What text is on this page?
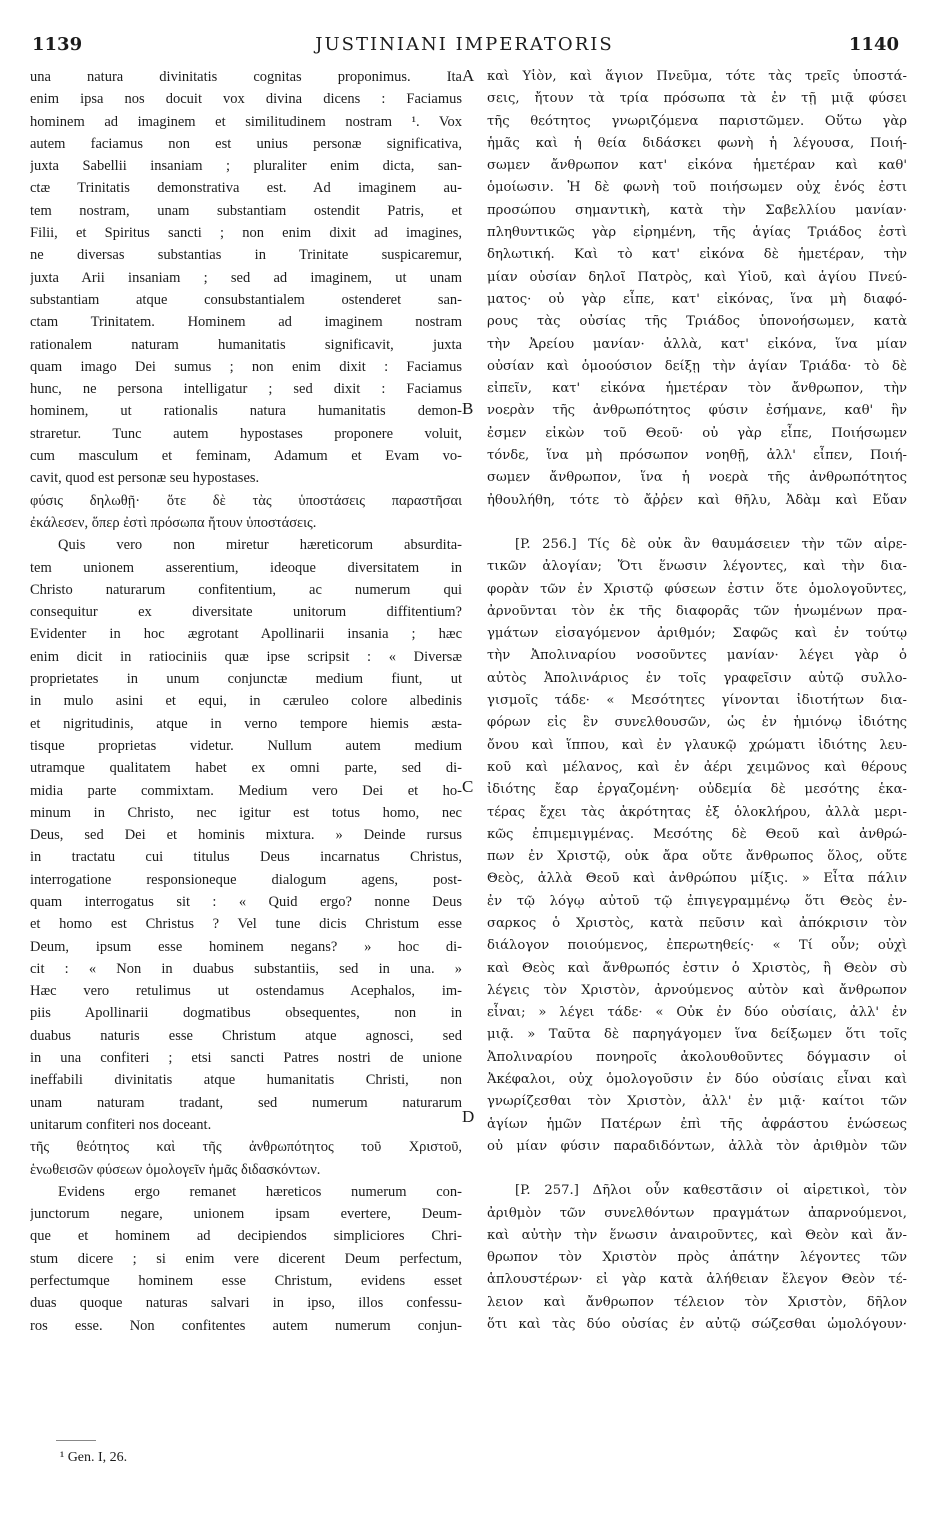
1139	JUSTINIANI IMPERATORIS	1140
una natura divinitatis cognitas proponimus. Ita
enim ipsa nos docuit vox divina dicens : Faciamus
hominem ad imaginem et similitudinem nostram ¹. Vox
autem faciamus non est unius personæ significativa,
juxta Sabellii insaniam ; pluraliter enim dicta, san-
ctæ Trinitatis demonstrativa est. Ad imaginem au-
tem nostram, unam substantiam ostendit Patris, et
Filii, et Spiritus sancti ; non enim dixit ad imagines,
ne diversas substantias in Trinitate suspicaremur,
juxta Arii insaniam ; sed ad imaginem, ut unam
substantiam atque consubstantialem ostenderet san-
ctam Trinitatem. Hominem ad imaginem nostram
rationalem naturam humanitatis significavit, juxta
quam imago Dei sumus ; non enim dixit : Faciamus
hunc, ne persona intelligatur ; sed dixit : Faciamus
hominem, ut rationalis natura humanitatis demon-
straretur. Tunc autem hypostases proponere voluit,
cum masculum et feminam, Adamum et Evam vo-
cavit, quod est personæ seu hypostases.
φύσις δηλωθῇ· ὅτε δὲ τὰς ὑποστάσεις παραστῆσαι
ἐκάλεσεν, ὅπερ ἐστὶ πρόσωπα ἤτουν ὑποστάσεις.
Quis vero non miretur hæreticorum absurdita-
tem unionem asserentium, ideoque diversitatem in
Christo naturarum confitentium, ac numerum qui
consequitur ex diversitate unitorum diffitentium?
Evidenter in hoc ægrotant Apollinarii insania ; hæc
enim dicit in ratiociniis quæ ipse scripsit : « Diversæ
proprietates in unum conjunctæ medium fiunt, ut
in mulo asini et equi, in cæruleo colore albedinis
et nigritudinis, atque in verno tempore hiemis æsta-
tisque proprietas videtur. Nullum autem medium
utramque qualitatem habet ex omni parte, sed di-
midia parte commixtam. Medium vero Dei et ho-
minum in Christo, nec igitur est totus homo, nec
Deus, sed Dei et hominis mixtura. » Deinde rursus
in tractatu cui titulus Deus incarnatus Christus,
interrogatione responsioneque dialogum agens, post-
quam interrogatus sit : « Quid ergo? nonne Deus
et homo est Christus ? Vel tune dicis Christum esse
Deum, ipsum esse hominem negans? » hoc di-
cit : « Non in duabus substantiis, sed in una. »
Hæc vero retulimus ut ostendamus Acephalos, im-
piis Apollinarii dogmatibus obsequentes, non in
duabus naturis esse Christum atque agnosci, sed
in una confiteri ; etsi sancti Patres nostri de unione
ineffabili divinitatis atque humanitatis Christi, non
unam naturam tradant, sed numerum naturarum
unitarum confiteri nos doceant.
τῆς θεότητος καὶ τῆς ἀνθρωπότητος τοῦ Χριστοῦ,
ἑνωθεισῶν φύσεων ὁμολογεῖν ἡμᾶς διδασκόντων.
Evidens ergo remanet hæreticos numerum con-
junctorum negare, unionem ipsam evertere, Deum-
que et hominem ad decipiendos simpliciores Chri-
stum dicere ; si enim vere dicerent Deum perfectum,
perfectumque hominem esse Christum, evidens esset
duas quoque naturas salvari in ipso, illos confessu-
ros esse. Non confitentes autem numerum conjun-
καὶ Υἱὸν, καὶ ἅγιον Πνεῦμα, τότε τὰς τρεῖς ὑποστά-
σεις, ἤτουν τὰ τρία πρόσωπα τὰ ἐν τῇ μιᾷ φύσει
τῆς θεότητος γνωριζόμενα παριστῶμεν. Οὕτω γὰρ
ἡμᾶς καὶ ἡ θεία διδάσκει φωνὴ ἡ λέγουσα, Ποιή-
σωμεν ἄνθρωπον κατ' εἰκόνα ἡμετέραν καὶ καθ'
ὁμοίωσιν. Ἡ δὲ φωνὴ τοῦ ποιήσωμεν οὐχ ἑνός ἐστι
προσώπου σημαντικὴ, κατὰ τὴν Σαβελλίου μανίαν·
πληθυντικῶς γὰρ εἰρημένη, τῆς ἁγίας Τριάδος ἐστὶ
δηλωτική. Καὶ τὸ κατ' εἰκόνα δὲ ἡμετέραν, τὴν
μίαν οὐσίαν δηλοῖ Πατρὸς, καὶ Υἱοῦ, καὶ ἁγίου Πνεύ-
ματος· οὐ γὰρ εἶπε, κατ' εἰκόνας, ἵνα μὴ διαφό-
ρους τὰς οὐσίας τῆς Τριάδος ὑπονοήσωμεν, κατὰ
τὴν Ἀρείου μανίαν· ἀλλὰ, κατ' εἰκόνα, ἵνα μίαν
οὐσίαν καὶ ὁμοούσιον δείξῃ τὴν ἁγίαν Τριάδα· τὸ δὲ
εἰπεῖν, κατ' εἰκόνα ἡμετέραν τὸν ἄνθρωπον, τὴν
νοερὰν τῆς ἀνθρωπότητος φύσιν ἐσήμανε, καθ' ἣν
ἐσμεν εἰκὼν τοῦ Θεοῦ· οὐ γὰρ εἶπε, Ποιήσωμεν
τόνδε, ἵνα μὴ πρόσωπον νοηθῇ, ἀλλ' εἶπεν, Ποιή-
σωμεν ἄνθρωπον, ἵνα ἡ νοερὰ τῆς ἀνθρωπότητος
ἠθουλήθη, τότε τὸ ἄῤῥεν καὶ θῆλυ, Ἀδὰμ καὶ Εὔαν
[P. 256.] Τίς δὲ οὐκ ἂν θαυμάσειεν τὴν τῶν αἱρε-
τικῶν ἀλογίαν; Ὅτι ἕνωσιν λέγοντες, καὶ τὴν δια-
φορὰν τῶν ἐν Χριστῷ φύσεων ἐστιν ὅτε ὁμολογοῦντες,
ἀρνοῦνται τὸν ἐκ τῆς διαφορᾶς τῶν ἡνωμένων πρα-
γμάτων εἰσαγόμενον ἀριθμόν; Σαφῶς καὶ ἐν τούτῳ
τὴν Ἀπολιναρίου νοσοῦντες μανίαν· λέγει γὰρ ὁ
αὐτὸς Ἀπολινάριος ἐν τοῖς γραφεῖσιν αὐτῷ συλλο-
γισμοῖς τάδε· « Μεσότητες γίνονται ἰδιοτήτων δια-
φόρων εἰς ἓν συνελθουσῶν, ὡς ἐν ἡμιόνῳ ἰδιότης
ὄνου καὶ ἵππου, καὶ ἐν γλαυκῷ χρώματι ἰδιότης λευ-
κοῦ καὶ μέλανος, καὶ ἐν ἀέρι χειμῶνος καὶ θέρους
ἰδιότης ἔαρ ἐργαζομένη· οὐδεμία δὲ μεσότης ἑκα-
τέρας ἔχει τὰς ἀκρότητας ἐξ ὁλοκλήρου, ἀλλὰ μερι-
κῶς ἐπιμεμιγμένας. Μεσότης δὲ Θεοῦ καὶ ἀνθρώ-
πων ἐν Χριστῷ, οὐκ ἄρα οὔτε ἄνθρωπος ὅλος, οὔτε
Θεὸς, ἀλλὰ Θεοῦ καὶ ἀνθρώπου μίξις. » Εἶτα πάλιν
ἐν τῷ λόγῳ αὐτοῦ τῷ ἐπιγεγραμμένῳ ὅτι Θεὸς ἐν-
σαρκος ὁ Χριστὸς, κατὰ πεῦσιν καὶ ἀπόκρισιν τὸν
διάλογον ποιούμενος, ἐπερωτηθείς· « Τί οὖν; οὐχὶ
καὶ Θεὸς καὶ ἄνθρωπός ἐστιν ὁ Χριστὸς, ἢ Θεὸν σὺ
λέγεις τὸν Χριστὸν, ἀρνούμενος αὐτὸν καὶ ἄνθρωπον
εἶναι; » λέγει τάδε· « Οὐκ ἐν δύο οὐσίαις, ἀλλ' ἐν
μιᾷ. » Ταῦτα δὲ παρηγάγομεν ἵνα δείξωμεν ὅτι τοῖς
Ἀπολιναρίου πονηροῖς ἀκολουθοῦντες δόγμασιν οἱ
Ἀκέφαλοι, οὐχ ὁμολογοῦσιν ἐν δύο οὐσίαις εἶναι καὶ
γνωρίζεσθαι τὸν Χριστὸν, ἀλλ' ἐν μιᾷ· καίτοι τῶν
ἁγίων ἡμῶν Πατέρων ἐπὶ τῆς ἀφράστου ἑνώσεως
οὐ μίαν φύσιν παραδιδόντων, ἀλλὰ τὸν ἀριθμὸν τῶν
[P. 257.] Δῆλοι οὖν καθεστᾶσιν οἱ αἱρετικοὶ, τὸν
ἀριθμὸν τῶν συνελθόντων πραγμάτων ἀπαρνούμενοι,
καὶ αὐτὴν τὴν ἕνωσιν ἀναιροῦντες, καὶ Θεὸν καὶ ἄν-
θρωπον τὸν Χριστὸν πρὸς ἀπάτην λέγοντες τῶν
ἁπλουστέρων· εἰ γὰρ κατὰ ἀλήθειαν ἔλεγον Θεὸν τέ-
λειον καὶ ἄνθρωπον τέλειον τὸν Χριστὸν, δῆλον
ὅτι καὶ τὰς δύο οὐσίας ἐν αὐτῷ σώζεσθαι ὡμολόγουν·
A
B
C
D
¹ Gen. I, 26.
